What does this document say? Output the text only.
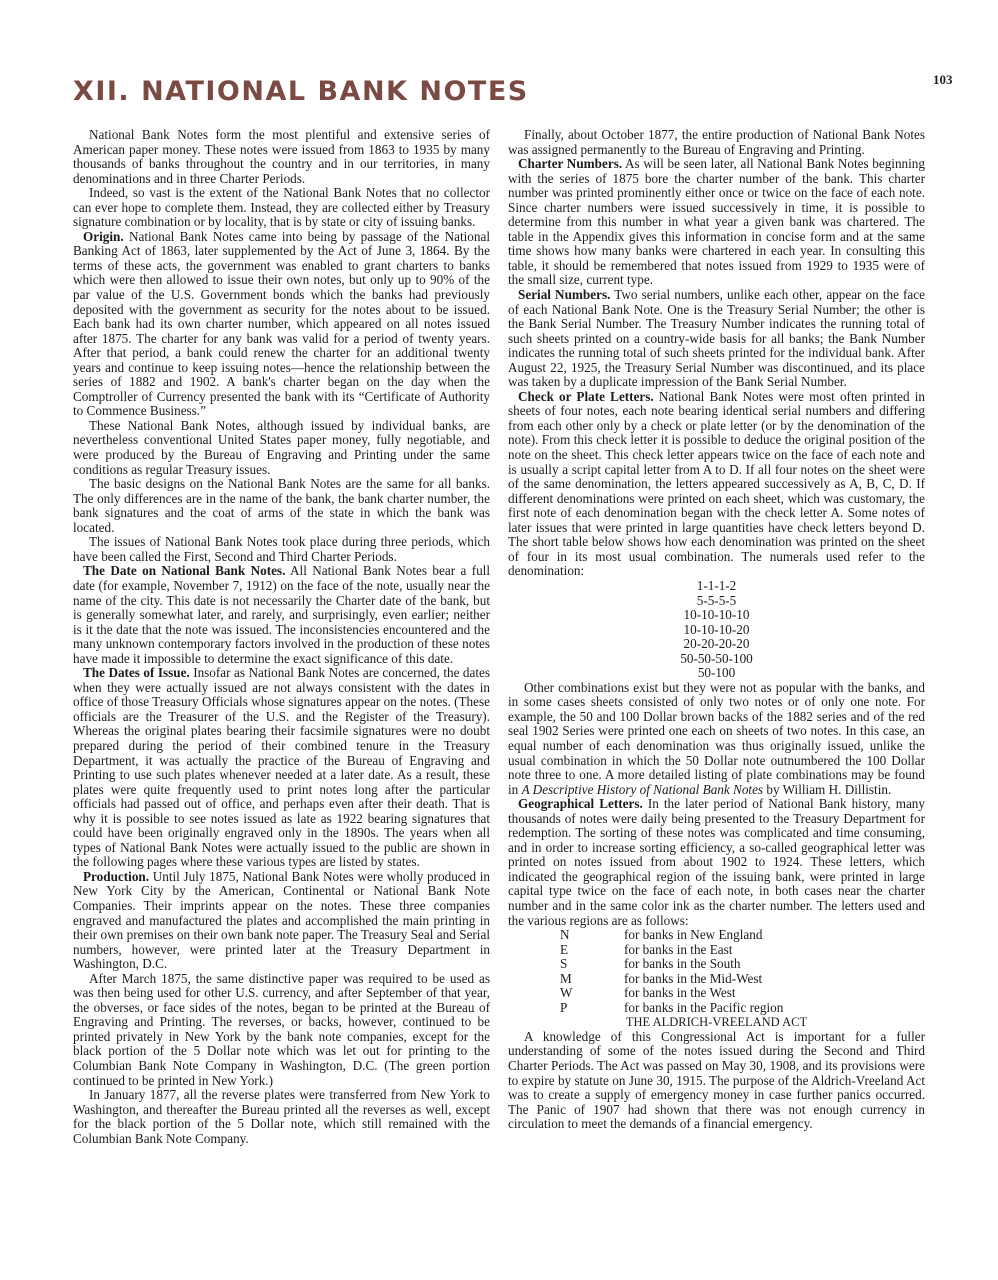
XII. NATIONAL BANK NOTES	103

National Bank Notes form the most plentiful and extensive series of American paper money. These notes were issued from 1863 to 1935 by many thousands of banks throughout the country and in our territories, in many denominations and in three Charter Periods.

Indeed, so vast is the extent of the National Bank Notes that no collector can ever hope to complete them. Instead, they are collected either by Treasury signature combination or by locality, that is by state or city of issuing banks.

Origin. National Bank Notes came into being by passage of the National Banking Act of 1863, later supplemented by the Act of June 3, 1864. By the terms of these acts, the government was enabled to grant charters to banks which were then allowed to issue their own notes, but only up to 90% of the par value of the U.S. Government bonds which the banks had previously deposited with the government as security for the notes about to be issued. Each bank had its own charter number, which appeared on all notes issued after 1875. The charter for any bank was valid for a period of twenty years. After that period, a bank could renew the charter for an additional twenty years and continue to keep issuing notes—hence the relationship between the series of 1882 and 1902. A bank's charter began on the day when the Comptroller of Currency presented the bank with its “Certificate of Authority to Commence Business.”

These National Bank Notes, although issued by individual banks, are nevertheless conventional United States paper money, fully negotiable, and were produced by the Bureau of Engraving and Printing under the same conditions as regular Treasury issues.

The basic designs on the National Bank Notes are the same for all banks. The only differences are in the name of the bank, the bank charter number, the bank signatures and the coat of arms of the state in which the bank was located.

The issues of National Bank Notes took place during three periods, which have been called the First, Second and Third Charter Periods.

The Date on National Bank Notes. All National Bank Notes bear a full date (for example, November 7, 1912) on the face of the note, usually near the name of the city. This date is not necessarily the Charter date of the bank, but is generally somewhat later, and rarely, and surprisingly, even earlier; neither is it the date that the note was issued. The inconsistencies encountered and the many unknown contemporary factors involved in the production of these notes have made it impossible to determine the exact significance of this date.

The Dates of Issue. Insofar as National Bank Notes are concerned, the dates when they were actually issued are not always consistent with the dates in office of those Treasury Officials whose signatures appear on the notes. (These officials are the Treasurer of the U.S. and the Register of the Treasury). Whereas the original plates bearing their facsimile signatures were no doubt prepared during the period of their combined tenure in the Treasury Department, it was actually the practice of the Bureau of Engraving and Printing to use such plates whenever needed at a later date. As a result, these plates were quite frequently used to print notes long after the particular officials had passed out of office, and perhaps even after their death. That is why it is possible to see notes issued as late as 1922 bearing signatures that could have been originally engraved only in the 1890s. The years when all types of National Bank Notes were actually issued to the public are shown in the following pages where these various types are listed by states.

Production. Until July 1875, National Bank Notes were wholly produced in New York City by the American, Continental or National Bank Note Companies. Their imprints appear on the notes. These three companies engraved and manufactured the plates and accomplished the main printing in their own premises on their own bank note paper. The Treasury Seal and Serial numbers, however, were printed later at the Treasury Department in Washington, D.C.

After March 1875, the same distinctive paper was required to be used as was then being used for other U.S. currency, and after September of that year, the obverses, or face sides of the notes, began to be printed at the Bureau of Engraving and Printing. The reverses, or backs, however, continued to be printed privately in New York by the bank note companies, except for the black portion of the 5 Dollar note which was let out for printing to the Columbian Bank Note Company in Washington, D.C. (The green portion continued to be printed in New York.)

In January 1877, all the reverse plates were transferred from New York to Washington, and thereafter the Bureau printed all the reverses as well, except for the black portion of the 5 Dollar note, which still remained with the Columbian Bank Note Company.

Finally, about October 1877, the entire production of National Bank Notes was assigned permanently to the Bureau of Engraving and Printing.

Charter Numbers. As will be seen later, all National Bank Notes beginning with the series of 1875 bore the charter number of the bank. This charter number was printed prominently either once or twice on the face of each note. Since charter numbers were issued successively in time, it is possible to determine from this number in what year a given bank was chartered. The table in the Appendix gives this information in concise form and at the same time shows how many banks were chartered in each year. In consulting this table, it should be remembered that notes issued from 1929 to 1935 were of the small size, current type.

Serial Numbers. Two serial numbers, unlike each other, appear on the face of each National Bank Note. One is the Treasury Serial Number; the other is the Bank Serial Number. The Treasury Number indicates the running total of such sheets printed on a country-wide basis for all banks; the Bank Number indicates the running total of such sheets printed for the individual bank. After August 22, 1925, the Treasury Serial Number was discontinued, and its place was taken by a duplicate impression of the Bank Serial Number.

Check or Plate Letters. National Bank Notes were most often printed in sheets of four notes, each note bearing identical serial numbers and differing from each other only by a check or plate letter (or by the denomination of the note). From this check letter it is possible to deduce the original position of the note on the sheet. This check letter appears twice on the face of each note and is usually a script capital letter from A to D. If all four notes on the sheet were of the same denomination, the letters appeared successively as A, B, C, D. If different denominations were printed on each sheet, which was customary, the first note of each denomination began with the check letter A. Some notes of later issues that were printed in large quantities have check letters beyond D. The short table below shows how each denomination was printed on the sheet of four in its most usual combination. The numerals used refer to the denomination:

1-1-1-2
5-5-5-5
10-10-10-10
10-10-10-20
20-20-20-20
50-50-50-100
50-100

Other combinations exist but they were not as popular with the banks, and in some cases sheets consisted of only two notes or of only one note. For example, the 50 and 100 Dollar brown backs of the 1882 series and of the red seal 1902 Series were printed one each on sheets of two notes. In this case, an equal number of each denomination was thus originally issued, unlike the usual combination in which the 50 Dollar note outnumbered the 100 Dollar note three to one. A more detailed listing of plate combinations may be found in A Descriptive History of National Bank Notes by William H. Dillistin.

Geographical Letters. In the later period of National Bank history, many thousands of notes were daily being presented to the Treasury Department for redemption. The sorting of these notes was complicated and time consuming, and in order to increase sorting efficiency, a so-called geographical letter was printed on notes issued from about 1902 to 1924. These letters, which indicated the geographical region of the issuing bank, were printed in large capital type twice on the face of each note, in both cases near the charter number and in the same color ink as the charter number. The letters used and the various regions are as follows:

N	for banks in New England
E	for banks in the East
S	for banks in the South
M	for banks in the Mid-West
W	for banks in the West
P	for banks in the Pacific region

THE ALDRICH-VREELAND ACT

A knowledge of this Congressional Act is important for a fuller understanding of some of the notes issued during the Second and Third Charter Periods. The Act was passed on May 30, 1908, and its provisions were to expire by statute on June 30, 1915. The purpose of the Aldrich-Vreeland Act was to create a supply of emergency money in case further panics occurred. The Panic of 1907 had shown that there was not enough currency in circulation to meet the demands of a financial emergency.
